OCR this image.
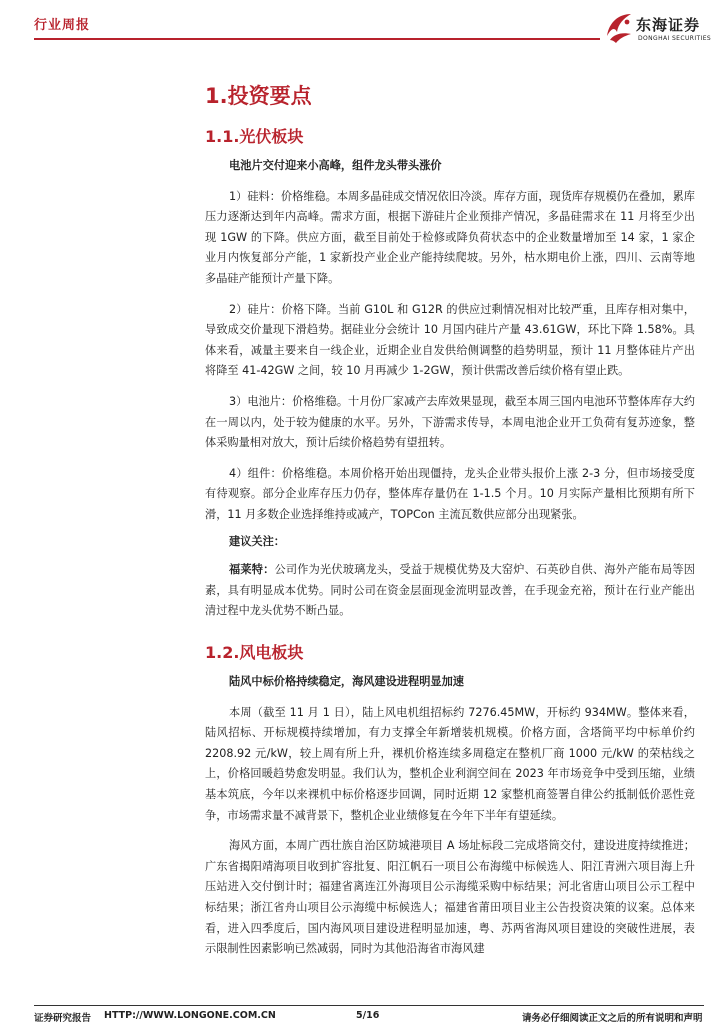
行业周报	东海证券
DONGHAI SECURITIES
1.投资要点
1.1.光伏板块
电池片交付迎来小高峰，组件龙头带头涨价

1）硅料：价格维稳。本周多晶硅成交情况依旧冷淡。库存方面，现货库存规模仍在叠加，累库压力逐渐达到年内高峰。需求方面，根据下游硅片企业预排产情况，多晶硅需求在 11 月将至少出现 1GW 的下降。供应方面，截至目前处于检修或降负荷状态中的企业数量增加至 14 家，1 家企业月内恢复部分产能，1 家新投产业企业产能持续爬坡。另外，枯水期电价上涨，四川、云南等地多晶硅产能预计产量下降。

2）硅片：价格下降。当前 G10L 和 G12R 的供应过剩情况相对比较严重，且库存相对集中，导致成交价量现下滑趋势。据硅业分会统计 10 月国内硅片产量 43.61GW，环比下降 1.58%。具体来看，减量主要来自一线企业，近期企业自发供给侧调整的趋势明显，预计 11 月整体硅片产出将降至 41-42GW 之间，较 10 月再减少 1-2GW，预计供需改善后续价格有望止跌。

3）电池片：价格维稳。十月份厂家减产去库效果显现，截至本周三国内电池环节整体库存大约在一周以内，处于较为健康的水平。另外，下游需求传导，本周电池企业开工负荷有复苏迹象，整体采购量相对放大，预计后续价格趋势有望扭转。

4）组件：价格维稳。本周价格开始出现僵持，龙头企业带头报价上涨 2-3 分，但市场接受度有待观察。部分企业库存压力仍存，整体库存量仍在 1-1.5 个月。10 月实际产量相比预期有所下滑，11 月多数企业选择维持或减产，TOPCon 主流瓦数供应部分出现紧张。

建议关注：

福莱特：公司作为光伏玻璃龙头，受益于规模优势及大窑炉、石英砂自供、海外产能布局等因素，具有明显成本优势。同时公司在资金层面现金流明显改善，在手现金充裕，预计在行业产能出清过程中龙头优势不断凸显。

1.2.风电板块
陆风中标价格持续稳定，海风建设进程明显加速

本周（截至 11 月 1 日），陆上风电机组招标约 7276.45MW，开标约 934MW。整体来看，陆风招标、开标规模持续增加，有力支撑全年新增装机规模。价格方面，含塔筒平均中标单价约 2208.92 元/kW，较上周有所上升，裸机价格连续多周稳定在整机厂商 1000 元/kW 的荣枯线之上，价格回暖趋势愈发明显。我们认为，整机企业利润空间在 2023 年市场竞争中受到压缩，业绩基本筑底，今年以来裸机中标价格逐步回调，同时近期 12 家整机商签署自律公约抵制低价恶性竞争，市场需求量不减背景下，整机企业业绩修复在今年下半年有望延续。

海风方面，本周广西壮族自治区防城港项目 A 场址标段二完成塔筒交付，建设进度持续推进；广东省揭阳靖海项目收到扩容批复、阳江帆石一项目公布海缆中标候选人、阳江青洲六项目海上升压站进入交付倒计时；福建省离连江外海项目公示海缆采购中标结果；河北省唐山项目公示工程中标结果；浙江省舟山项目公示海缆中标候选人；福建省莆田项目业主公告投资决策的议案。总体来看，进入四季度后，国内海风项目建设进程明显加速，粤、苏两省海风项目建设的突破性进展，表示限制性因素影响已然减弱，同时为其他沿海省市海风建

证券研究报告 HTTP://WWW.LONGONE.COM.CN	5/16	请务必仔细阅读正文之后的所有说明和声明
